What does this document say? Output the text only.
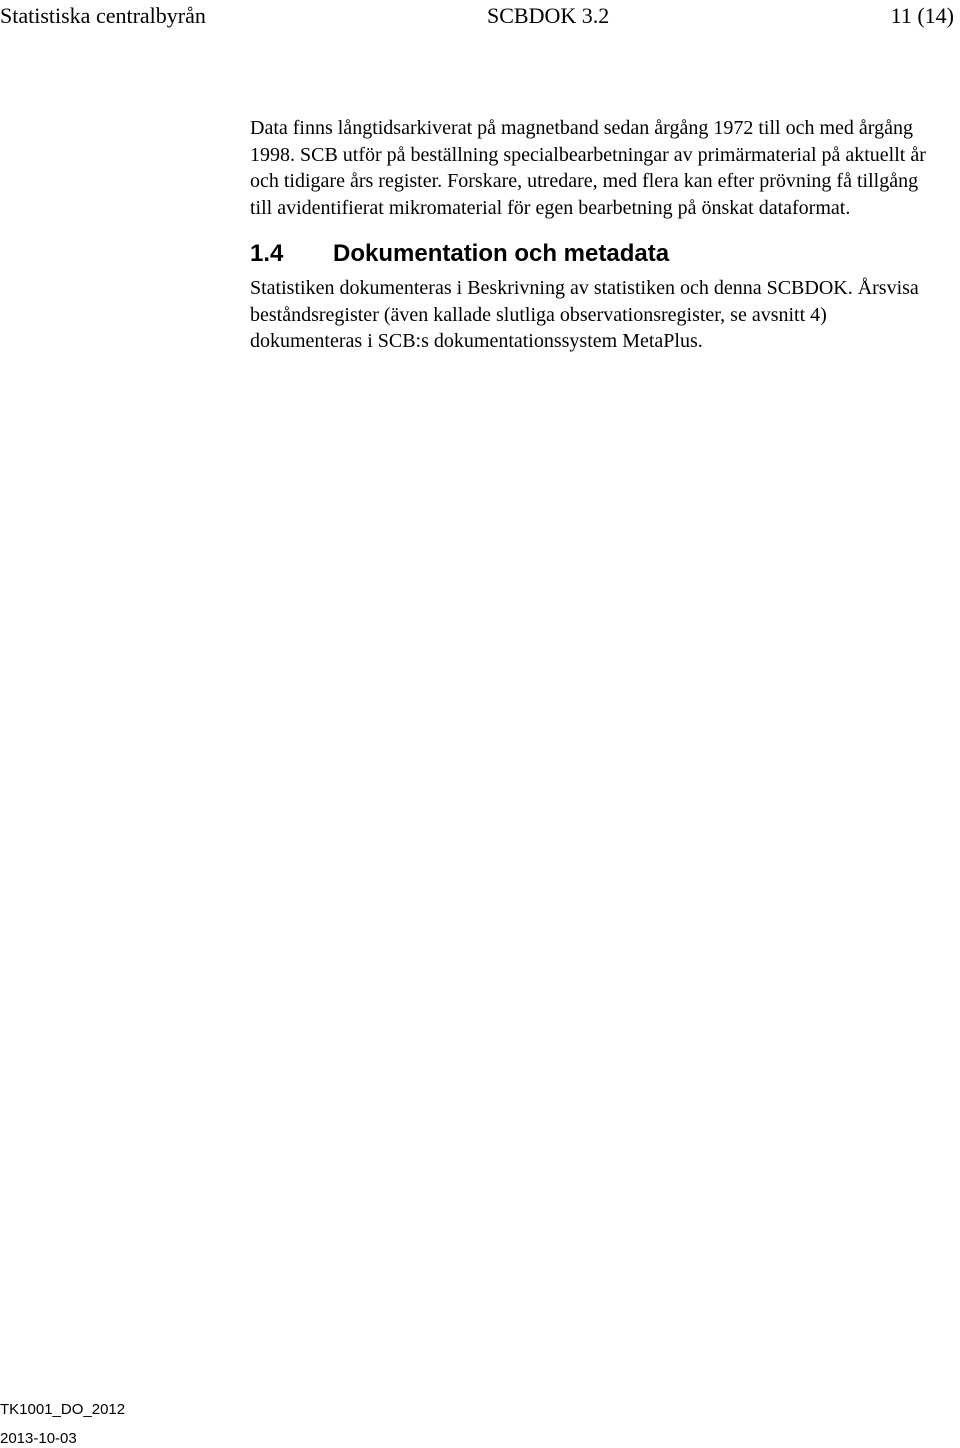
Statistiska centralbyrån	SCBDOK 3.2	11 (14)

Data finns långtidsarkiverat på magnetband sedan årgång 1972 till och med årgång 1998. SCB utför på beställning specialbearbetningar av primärmaterial på aktuellt år och tidigare års register. Forskare, utredare, med flera kan efter prövning få tillgång till avidentifierat mikromaterial för egen bearbetning på önskat dataformat.

1.4	Dokumentation och metadata

Statistiken dokumenteras i Beskrivning av statistiken och denna SCBDOK. Årsvisa beståndsregister (även kallade slutliga observationsregister, se avsnitt 4) dokumenteras i SCB:s dokumentationssystem MetaPlus.

TK1001_DO_2012
2013-10-03
